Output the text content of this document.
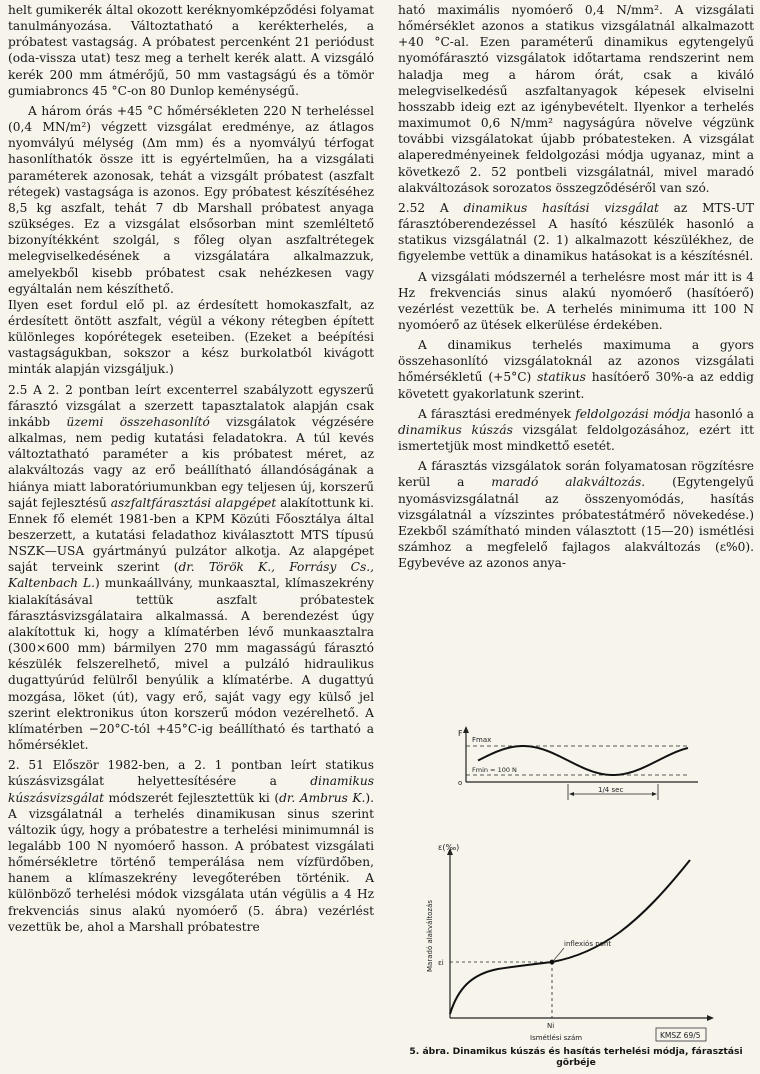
helt gumikerék által okozott keréknyomképződési folyamat tanulmányozása. Változtatható a kerékterhelés, a próbatest vastagság. A próbatest percenként 21 periódust (oda-vissza utat) tesz meg a terhelt kerék alatt. A vizsgáló kerék 200 mm átmérőjű, 50 mm vastagságú és a tömör gumiabroncs 45 °C-on 80 Dunlop keménységű.

A három órás +45 °C hőmérsékleten 220 N terheléssel (0,4 MN/m²) végzett vizsgálat eredménye, az átlagos nyomvályú mélység (Δm mm) és a nyomvályú térfogat hasonlíthatók össze itt is egyértelműen, ha a vizsgálati paraméterek azonosak, tehát a vizsgált próbatest (aszfalt rétegek) vastagsága is azonos. Egy próbatest készítéséhez 8,5 kg aszfalt, tehát 7 db Marshall próbatest anyaga szükséges. Ez a vizsgálat elsősorban mint szemléltető bizonyítékként szolgál, s főleg olyan aszfaltrétegek melegviselkedésének a vizsgálatára alkalmazzuk, amelyekből kisebb próbatest csak nehézkesen vagy egyáltalán nem készíthető.

Ilyen eset fordul elő pl. az érdesített homokaszfalt, az érdesített öntött aszfalt, végül a vékony rétegben épített különleges kopórétegek eseteiben. (Ezeket a beépítési vastagságukban, sokszor a kész burkolatból kivágott minták alapján vizsgáljuk.)

2.5 A 2. 2 pontban leírt excenterrel szabályzott egyszerű fárasztó vizsgálat a szerzett tapasztalatok alapján csak inkább üzemi összehasonlító vizsgálatok végzésére alkalmas, nem pedig kutatási feladatokra. A túl kevés változtatható paraméter a kis próbatest méret, az alakváltozás vagy az erő beállítható állandóságának a hiánya miatt laboratóriumunkban egy teljesen új, korszerű saját fejlesztésű aszfaltfárasztási alapgépet alakítottunk ki. Ennek fő elemét 1981-ben a KPM Közúti Főosztálya által beszerzett, a kutatási feladathoz kiválasztott MTS típusú NSZK—USA gyártmányú pulzátor alkotja. Az alapgépet saját terveink szerint (dr. Török K., Forrásy Cs., Kaltenbach L.) munkaállvány, munkaasztal, klímaszekrény kialakításával tettük aszfalt próbatestek fárasztásvizsgálataira alkalmassá. A berendezést úgy alakítottuk ki, hogy a klímatérben lévő munkaasztalra (300×600 mm) bármilyen 270 mm magasságú fárasztó készülék felszerelhető, mivel a pulzáló hidraulikus dugattyúrúd felülről benyúlik a klímatérbe. A dugattyú mozgása, löket (út), vagy erő, saját vagy egy külső jel szerint elektronikus úton korszerű módon vezérelhető. A klímatérben −20°C-tól +45°C-ig beállítható és tartható a hőmérséklet.

2. 51 Először 1982-ben, a 2. 1 pontban leírt statikus kúszásvizsgálat helyettesítésére a dinamikus kúszásvizsgálat módszerét fejlesztettük ki (dr. Ambrus K.). A vizsgálatnál a terhelés dinamikusan sinus szerint változik úgy, hogy a próbatestre a terhelési minimumnál is legalább 100 N nyomóerő hasson. A próbatest vizsgálati hőmérsékletre történő temperálása nem vízfürdőben, hanem a klímaszekrény levegőterében történik. A különböző terhelési módok vizsgálata után végülis a 4 Hz frekvenciás sinus alakú nyomóerő (5. ábra) vezérlést vezettük be, ahol a Marshall próbatestre

ható maximális nyomóerő 0,4 N/mm². A vizsgálati hőmérséklet azonos a statikus vizsgálatnál alkalmazott +40 °C-al. Ezen paraméterű dinamikus egytengelyű nyomófárasztó vizsgálatok időtartama rendszerint nem haladja meg a három órát, csak a kiváló melegviselkedésű aszfaltanyagok képesek elviselni hosszabb ideig ezt az igénybevételt. Ilyenkor a terhelés maximumot 0,6 N/mm² nagyságúra növelve végzünk további vizsgálatokat újabb próbatesteken. A vizsgálat alaperedményeinek feldolgozási módja ugyanaz, mint a következő 2. 52 pontbeli vizsgálatnál, mivel maradó alakváltozások sorozatos összegződéséről van szó.

2.52 A dinamikus hasítási vizsgálat az MTS-UT fárasztóberendezéssel A hasító készülék hasonló a statikus vizsgálatnál (2. 1) alkalmazott készülékhez, de figyelembe vettük a dinamikus hatásokat is a készítésnél.

A vizsgálati módszernél a terhelésre most már itt is 4 Hz frekvenciás sinus alakú nyomóerő (hasítóerő) vezérlést vezettük be. A terhelés minimuma itt 100 N nyomóerő az ütések elkerülése érdekében.

A dinamikus terhelés maximuma a gyors összehasonlító vizsgálatoknál az azonos vizsgálati hőmérsékletű (+5°C) statikus hasítóerő 30%-a az eddig követett gyakorlatunk szerint.

A fárasztási eredmények feldolgozási módja hasonló a dinamikus kúszás vizsgálat feldolgozásához, ezért itt ismertetjük most mindkettő esetét.

A fárasztás vizsgálatok során folyamatosan rögzítésre kerül a maradó alakváltozás. (Egytengelyű nyomásvizsgálatnál az összenyomódás, hasítás vizsgálatnál a vízszintes próbatestátmérő növekedése.) Ezekből számítható minden választott (15—20) ismétlési számhoz a megfelelő fajlagos alakváltozás (ε%0). Egybevéve az azonos anya-

F
Fmax
Fmin = 100 N
o
1/4 sec
ε(‰)
Maradó alakváltozás εi
Ni
inflexiós pont
Ismétlési szám	KMSZ 69/5
5. ábra. Dinamikus kúszás és hasítás terhelési módja, fárasztási görbéje
